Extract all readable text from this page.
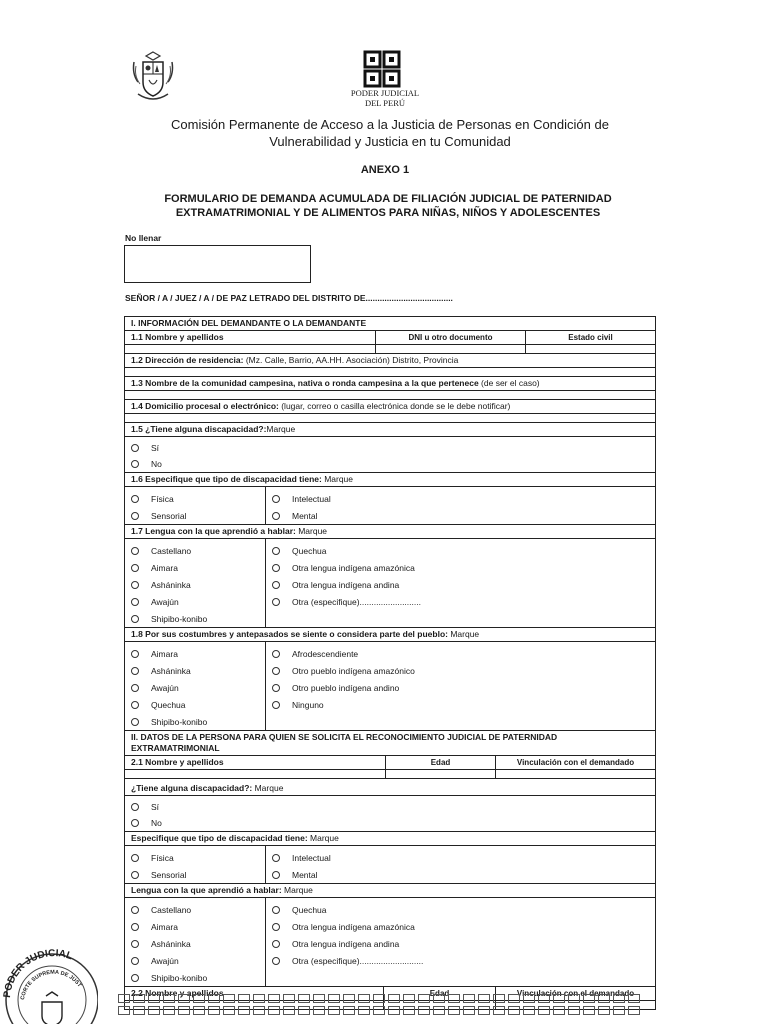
PODER JUDICIAL
DEL PERÚ
Comisión Permanente de Acceso a la Justicia de Personas en Condición de
Vulnerabilidad y Justicia en tu Comunidad
ANEXO 1
FORMULARIO DE DEMANDA ACUMULADA DE FILIACIÓN JUDICIAL DE PATERNIDAD
EXTRAMATRIMONIAL Y DE ALIMENTOS PARA NIÑAS, NIÑOS Y ADOLESCENTES
No llenar
SEÑOR / A / JUEZ / A / DE PAZ LETRADO DEL DISTRITO DE.....................................
I. INFORMACIÓN DEL DEMANDANTE O LA DEMANDANTE
1.1 Nombre y apellidos	DNI u otro documento	Estado civil
1.2 Dirección de residencia: (Mz. Calle, Barrio, AA.HH. Asociación) Distrito, Provincia
1.3 Nombre de la comunidad campesina, nativa o ronda campesina a la que pertenece (de ser el caso)
1.4 Domicilio procesal o electrónico: (lugar, correo o casilla electrónica donde se le debe notificar)
1.5 ¿Tiene alguna discapacidad?:Marque
Sí
No
1.6 Especifique que tipo de discapacidad tiene: Marque
Física
Sensorial
Intelectual
Mental
1.7 Lengua con la que aprendió a hablar: Marque
Castellano
Aimara
Asháninka
Awajún
Shipibo-konibo
Quechua
Otra lengua indígena amazónica
Otra lengua indígena andina
Otra (especifique)..........................
1.8 Por sus costumbres y antepasados se siente o considera parte del pueblo: Marque
Aimara
Asháninka
Awajún
Quechua
Shipibo-konibo
Afrodescendiente
Otro pueblo indígena amazónico
Otro pueblo indígena andino
Ninguno
II. DATOS DE LA PERSONA PARA QUIEN SE SOLICITA EL RECONOCIMIENTO JUDICIAL DE PATERNIDAD
EXTRAMATRIMONIAL
2.1 Nombre y apellidos	Edad	Vinculación con el demandado
¿Tiene alguna discapacidad?: Marque
Sí
No
Especifique que tipo de discapacidad tiene: Marque
Física
Sensorial
Intelectual
Mental
Lengua con la que aprendió a hablar: Marque
Castellano
Aimara
Asháninka
Awajún
Shipibo-konibo
Quechua
Otra lengua indígena amazónica
Otra lengua indígena andina
Otra (especifique)...........................
2.2 Nombre y apellidos	Edad	Vinculación con el demandado
PODER JUDICIAL
CORTE SUPREMA DE JUST
